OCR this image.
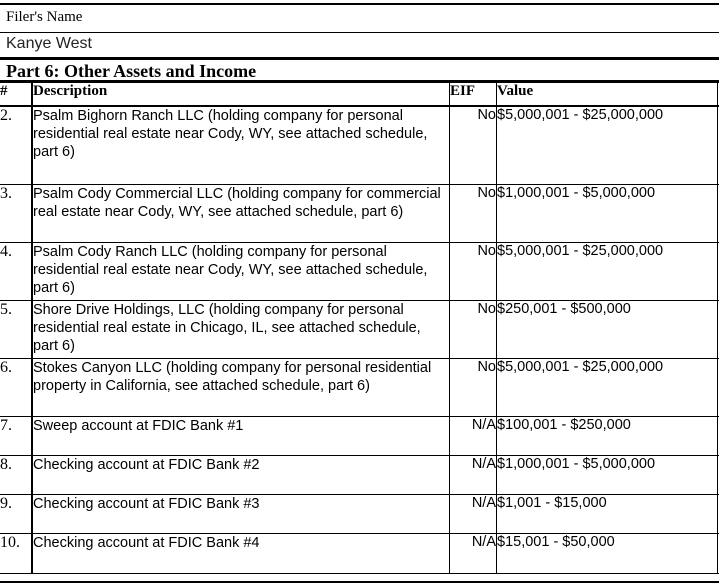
Filer's Name
Kanye West
Part 6: Other Assets and Income
#	Description	EIF	Value	
2.	Psalm Bighorn Ranch LLC (holding company for personal residential real estate near Cody, WY, see attached schedule, part 6)	No	$5,000,001 - $25,000,000	
3.	Psalm Cody Commercial LLC (holding company for commercial real estate near Cody, WY, see attached schedule, part 6)	No	$1,000,001 - $5,000,000	
4.	Psalm Cody Ranch LLC (holding company for personal residential real estate near Cody, WY, see attached schedule, part 6)	No	$5,000,001 - $25,000,000	
5.	Shore Drive Holdings, LLC (holding company for personal residential real estate in Chicago, IL, see attached schedule, part 6)	No	$250,001 - $500,000	
6.	Stokes Canyon LLC (holding company for personal residential property in California, see attached schedule, part 6)	No	$5,000,001 - $25,000,000	
7.	Sweep account at FDIC Bank #1	N/A	$100,001 - $250,000	
8.	Checking account at FDIC Bank #2	N/A	$1,000,001 - $5,000,000	
9.	Checking account at FDIC Bank #3	N/A	$1,001 - $15,000	
10.	Checking account at FDIC Bank #4	N/A	$15,001 - $50,000	
